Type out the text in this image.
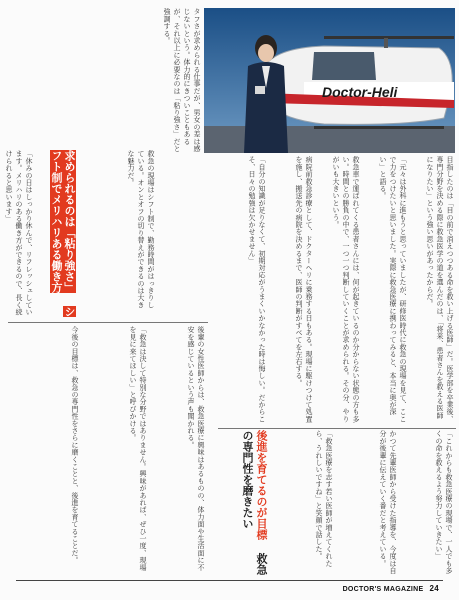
Doctor-Heli
目指したのは「目の前で消えつつある命を救い上げる医師」だ。医学部を卒業後、専門分野を決める際に救急医学の道を選んだのは、「将来、患者さんを救える医師になりたい」という強い思いがあったからだ。
「元々は外科に進もうと思っていましたが、研修医時代に救急の現場を見て、ここで力をつけたいと思いました。実際に救急医療に携わってみると、本当に奥が深い」と語る。
救急車で運ばれてくる患者さんには、何が起きているのか分からない状態の方も多い。時間との勝負の中で、一つ一つ判断していくことが求められる。その分、やりがいも大きいという。
病院前救急診療として、ドクターヘリに乗務する日もある。現場に駆けつけて処置を施し、搬送先の病院を決めるまで、医師の判断がすべてを左右する。
「自分の知識が足りなくて、初期対応がうまくいかなかった時は悔しい。だからこそ、日々の勉強は欠かせません」
タフさが求められる仕事だが、男女の差は感じないという。体力的にきついこともあるが、それ以上に必要なのは「粘り強さ」だと強調する。
救急の現場はシフト制で、勤務時間がはっきりしている。オンとオフの切り替えができるのは大きな魅力だ。
求められるのは「粘り強さ」 シフト制でメリハリある働き方
「休みの日はしっかり休んで、リフレッシュしています。メリハリのある働き方ができるので、長く続けられると思います」
後輩の女性医師からは、救急医療に興味はあるものの、体力面や生活面に不安を感じているという声も聞かれる。
「救急は決して特別な分野ではありません。興味があれば、ぜひ一度、現場を見に来てほしい」と呼びかける。
今後の目標は、救急の専門性をさらに磨くことと、後進を育てることだ。	後進を育てるのが目標 救急の専門性を磨きたい	「これからも救急医療の現場で、一人でも多くの命を救えるよう努力していきたい」
かつて先輩医師から受けた指導を、今度は自分が後輩に伝えていく番だと考えている。
「救急医療を志す若い医師が増えてくれたら、うれしいですね」と笑顔で話した。
DOCTOR'S MAGAZINE 24
